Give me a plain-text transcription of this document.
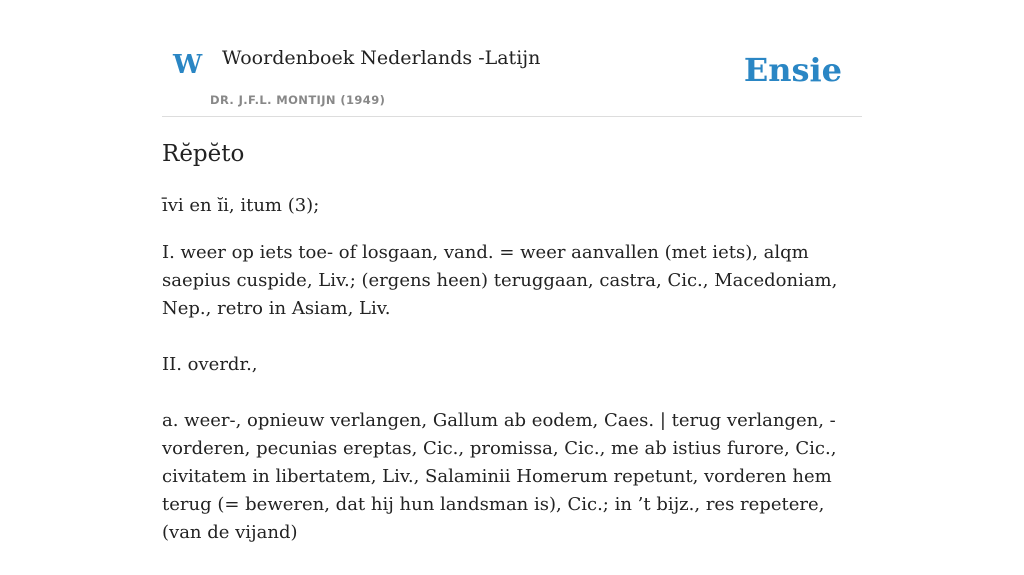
W Woordenboek Nederlands -Latijn
DR. J.F.L. MONTIJN (1949)
Ensie
Rĕpĕto
īvi en ĭi, itum (3);

I. weer op iets toe- of losgaan, vand. = weer aanvallen (met iets), alqm saepius cuspide, Liv.; (ergens heen) teruggaan, castra, Cic., Macedoniam, Nep., retro in Asiam, Liv.

II. overdr.,

a. weer-, opnieuw verlangen, Gallum ab eodem, Caes. | terug verlangen, -vorderen, pecunias ereptas, Cic., promissa, Cic., me ab istius furore, Cic., civitatem in libertatem, Liv., Salaminii Homerum repetunt, vorderen hem terug (= beweren, dat hij hun landsman is), Cic.; in ’t bijz., res repetere, (van de vijand)
